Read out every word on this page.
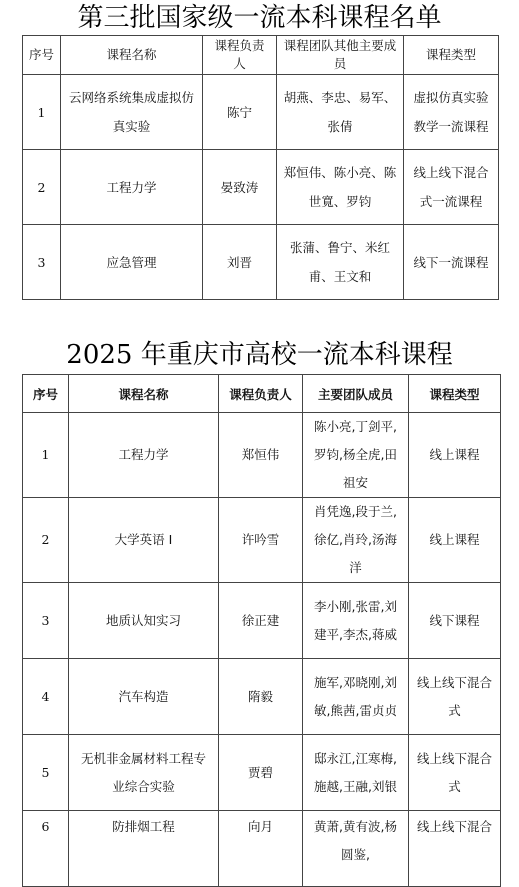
第三批国家级一流本科课程名单
序号	课程名称	课程负责人	课程团队其他主要成员	课程类型
1	云网络系统集成虚拟仿真实验	陈宁	胡燕、李忠、易军、张倩	虚拟仿真实验教学一流课程
2	工程力学	晏致涛	郑恒伟、陈小亮、陈世寬、罗钧	线上线下混合式一流课程
3	应急管理	刘晋	张蒲、鲁宁、米红甫、王文和	线下一流课程
2025 年重庆市高校一流本科课程
序号	课程名称	课程负责人	主要团队成员	课程类型
1	工程力学	郑恒伟	陈小亮,丁剑平,罗钧,杨全虎,田祖安	线上课程
2	大学英语 I	许吟雪	肖凭逸,段于兰,徐亿,肖玲,汤海洋	线上课程
3	地质认知实习	徐正建	李小刚,张雷,刘建平,李杰,蒋威	线下课程
4	汽车构造	隋毅	施军,邓晓刚,刘敏,熊茜,雷贞贞	线上线下混合式
5	无机非金属材料工程专业综合实验	贾碧	邸永江,江寒梅,施越,王融,刘银	线上线下混合式
6	防排烟工程	向月	黄萧,黄有波,杨圆鉴,	线上线下混合
